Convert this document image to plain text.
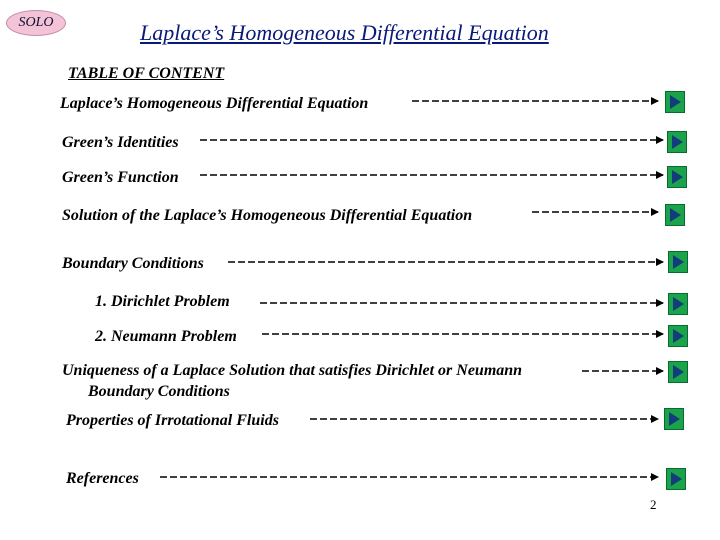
SOLO	Laplace’s Homogeneous Differential Equation
TABLE OF CONTENT
Laplace’s Homogeneous Differential Equation
Green’s Identities
Green’s Function
Solution of the Laplace’s Homogeneous Differential Equation
Boundary Conditions
1. Dirichlet Problem
2. Neumann Problem
Uniqueness of a Laplace Solution that satisfies Dirichlet or Neumann
Boundary Conditions
Properties of Irrotational Fluids
References
2
